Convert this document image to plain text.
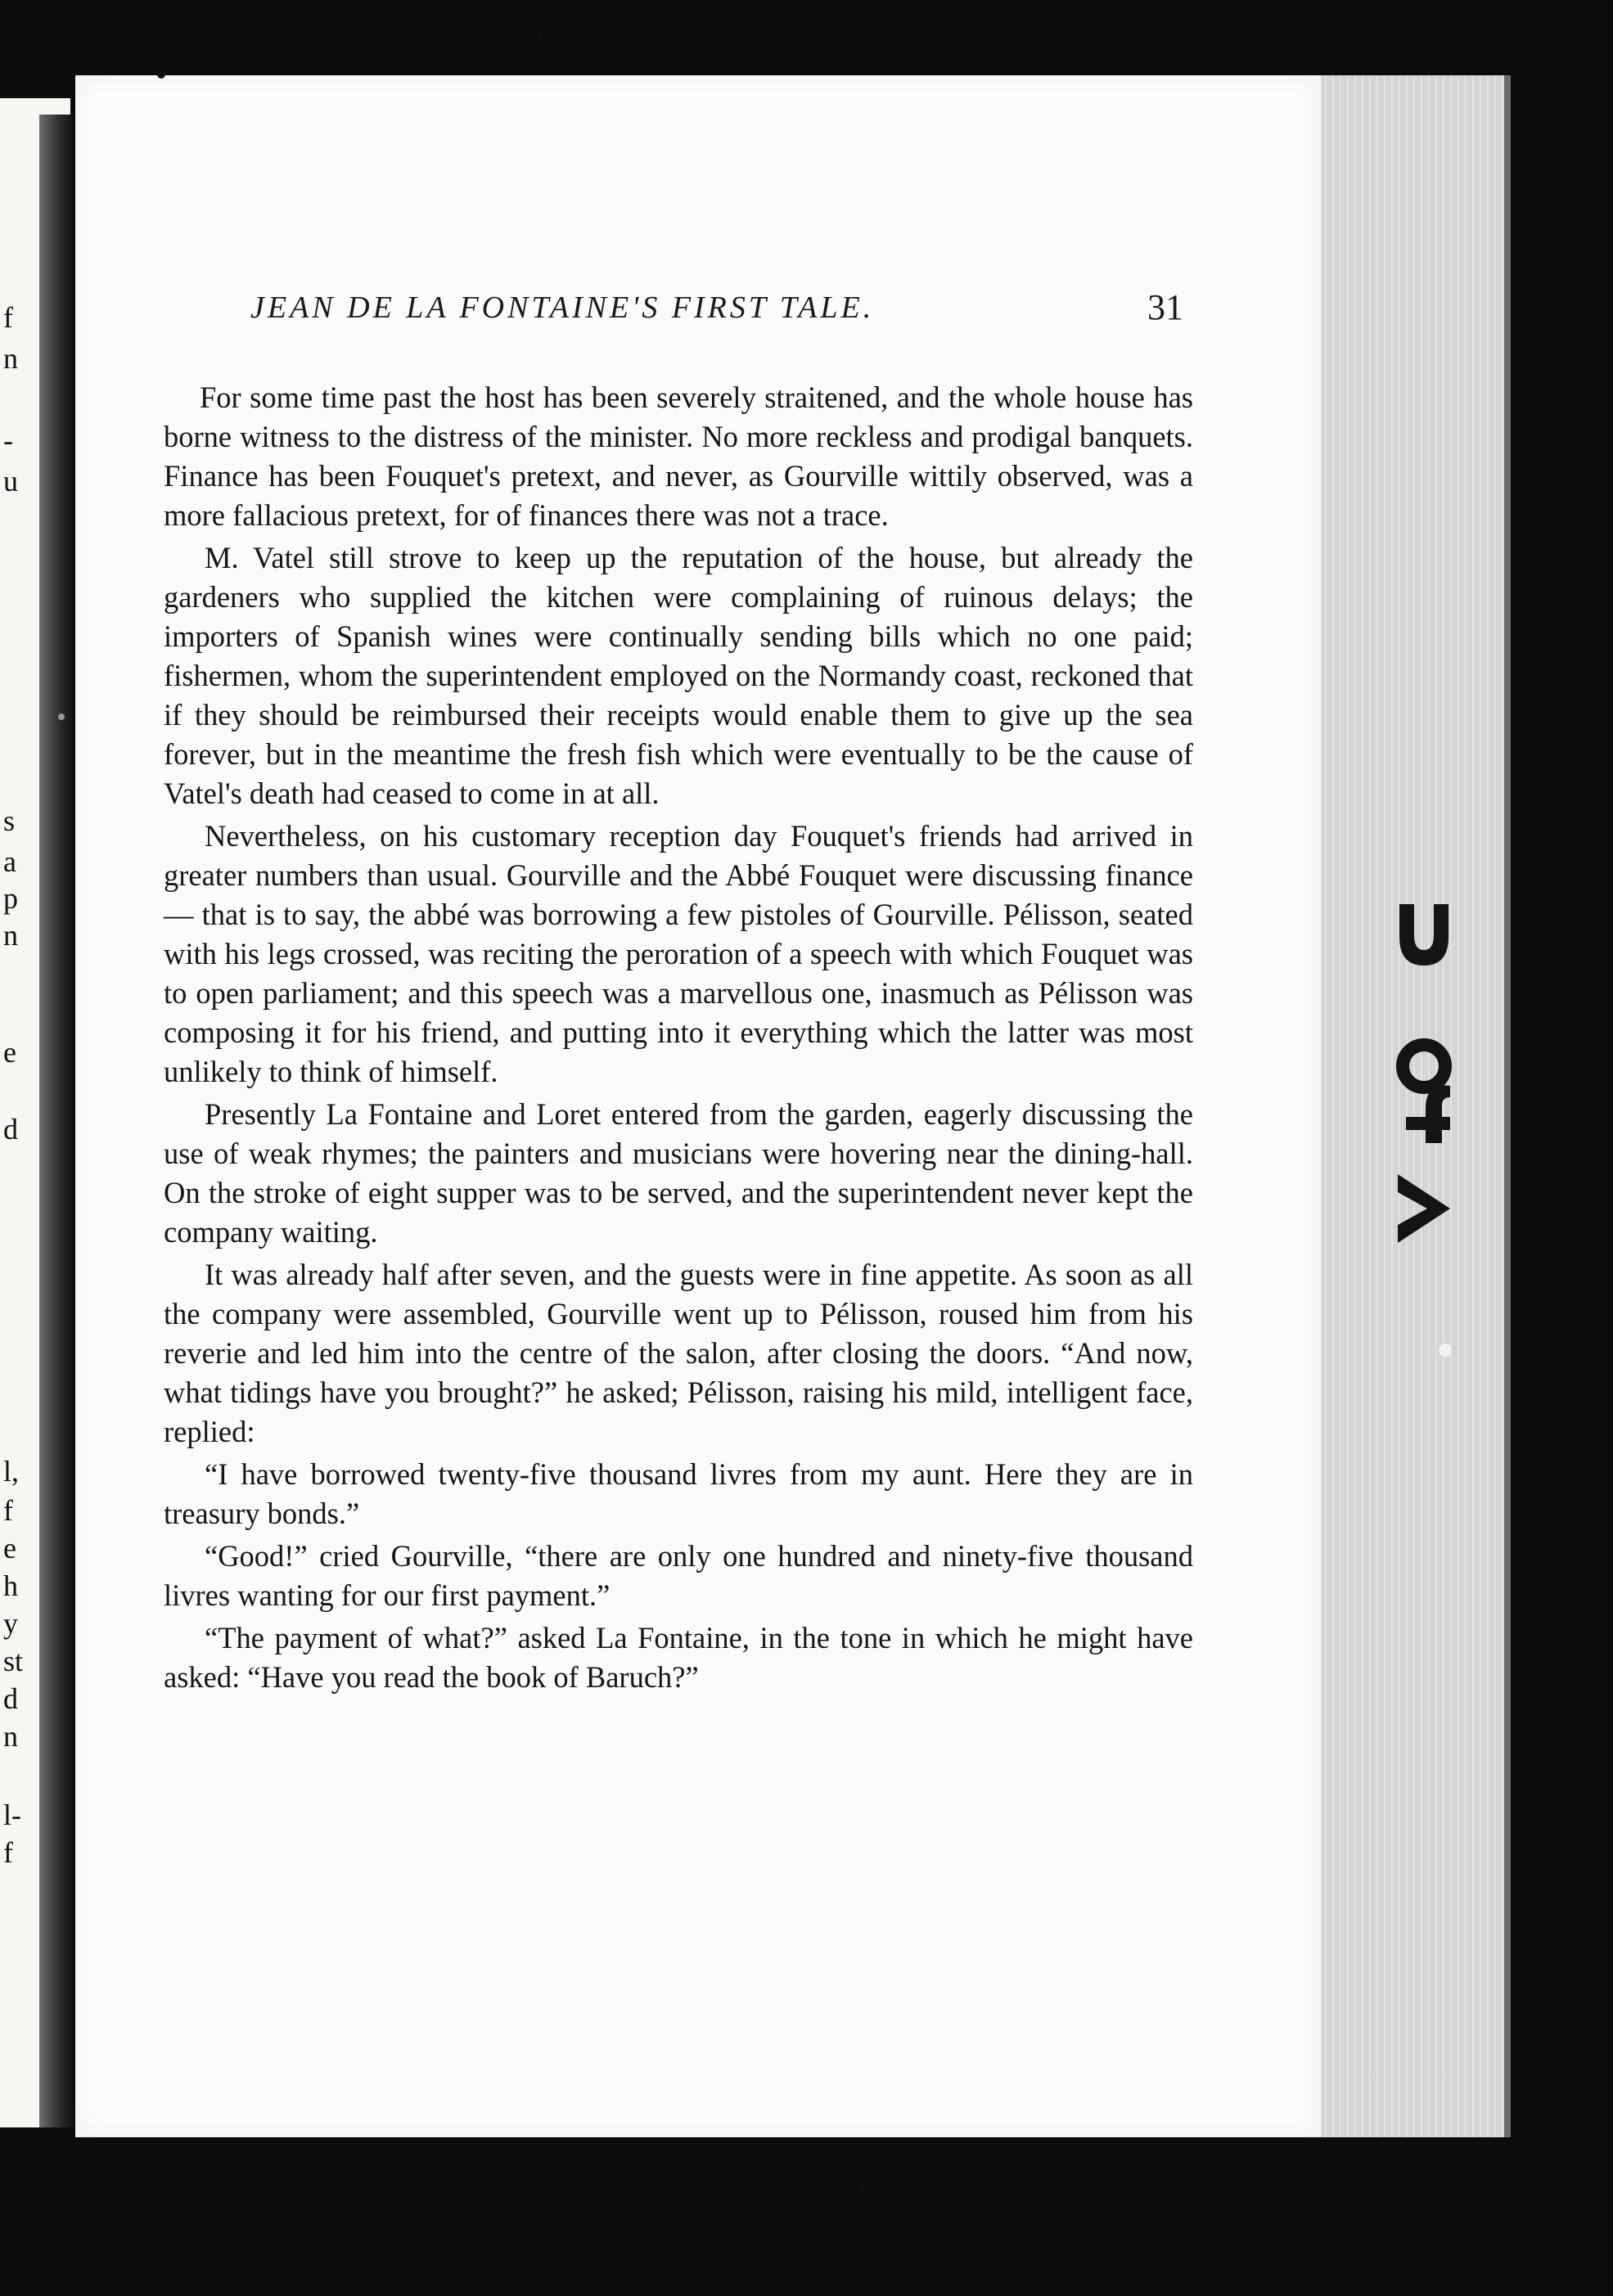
f
n
-
u
s
a
p
n
e
d
l,
f
e
h
y
st
d
n
l-
f
JEAN DE LA FONTAINE'S FIRST TALE.	31

For some time past the host has been severely straitened, and the whole house has borne witness to the distress of the minister. No more reckless and prodigal banquets. Finance has been Fouquet's pretext, and never, as Gourville wittily observed, was a more fallacious pretext, for of finances there was not a trace.

M. Vatel still strove to keep up the reputation of the house, but already the gardeners who supplied the kitchen were complaining of ruinous delays; the importers of Spanish wines were continually sending bills which no one paid; fishermen, whom the superintendent employed on the Normandy coast, reckoned that if they should be reimbursed their receipts would enable them to give up the sea forever, but in the meantime the fresh fish which were eventually to be the cause of Vatel's death had ceased to come in at all.

Nevertheless, on his customary reception day Fouquet's friends had arrived in greater numbers than usual. Gourville and the Abbé Fouquet were discussing finance — that is to say, the abbé was borrowing a few pistoles of Gourville. Pélisson, seated with his legs crossed, was reciting the peroration of a speech with which Fouquet was to open parliament; and this speech was a marvellous one, inasmuch as Pélisson was composing it for his friend, and putting into it everything which the latter was most unlikely to think of himself.

Presently La Fontaine and Loret entered from the garden, eagerly discussing the use of weak rhymes; the painters and musicians were hovering near the dining-hall. On the stroke of eight supper was to be served, and the superintendent never kept the company waiting.

It was already half after seven, and the guests were in fine appetite. As soon as all the company were assembled, Gourville went up to Pélisson, roused him from his reverie and led him into the centre of the salon, after closing the doors. “And now, what tidings have you brought?” he asked; Pélisson, raising his mild, intelligent face, replied:

“I have borrowed twenty-five thousand livres from my aunt. Here they are in treasury bonds.”

“Good!” cried Gourville, “there are only one hundred and ninety-five thousand livres wanting for our first payment.”

“The payment of what?” asked La Fontaine, in the tone in which he might have asked: “Have you read the book of Baruch?”
